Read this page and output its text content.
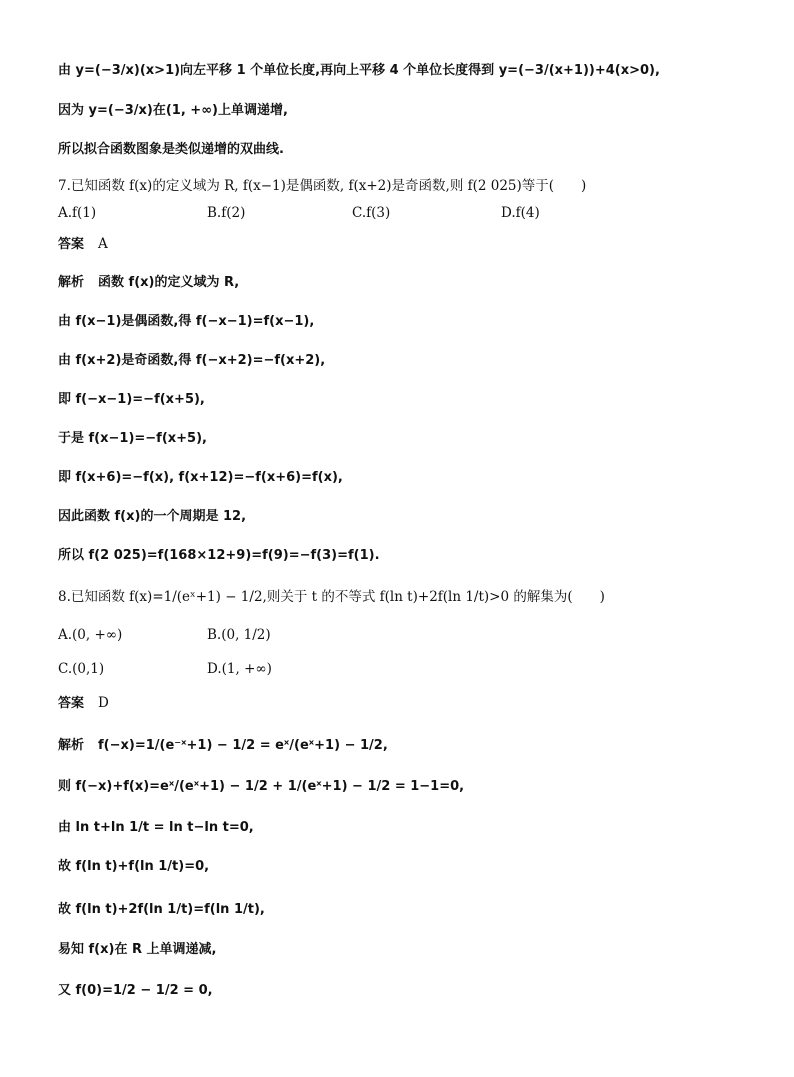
由 y=(−3/x)(x>1)向左平移 1 个单位长度,再向上平移 4 个单位长度得到 y=(−3/(x+1))+4(x>0),
因为 y=(−3/x)在(1, +∞)上单调递增,
所以拟合函数图象是类似递增的双曲线.
7.已知函数 f(x)的定义域为 R, f(x−1)是偶函数, f(x+2)是奇函数,则 f(2 025)等于(　　)
A.f(1)	B.f(2)	C.f(3)	D.f(4)
答案 A
解析 函数 f(x)的定义域为 R,
由 f(x−1)是偶函数,得 f(−x−1)=f(x−1),
由 f(x+2)是奇函数,得 f(−x+2)=−f(x+2),
即 f(−x−1)=−f(x+5),
于是 f(x−1)=−f(x+5),
即 f(x+6)=−f(x), f(x+12)=−f(x+6)=f(x),
因此函数 f(x)的一个周期是 12,
所以 f(2 025)=f(168×12+9)=f(9)=−f(3)=f(1).
8.已知函数 f(x)=1/(eˣ+1) − 1/2,则关于 t 的不等式 f(ln t)+2f(ln 1/t)>0 的解集为(　　)
A.(0, +∞)	B.(0, 1/2)
C.(0,1)	D.(1, +∞)
答案 D
解析 f(−x)=1/(e⁻ˣ+1) − 1/2 = eˣ/(eˣ+1) − 1/2,
则 f(−x)+f(x)=eˣ/(eˣ+1) − 1/2 + 1/(eˣ+1) − 1/2 = 1−1=0,
由 ln t+ln 1/t = ln t−ln t=0,
故 f(ln t)+f(ln 1/t)=0,
故 f(ln t)+2f(ln 1/t)=f(ln 1/t),
易知 f(x)在 R 上单调递减,
又 f(0)=1/2 − 1/2 = 0,
